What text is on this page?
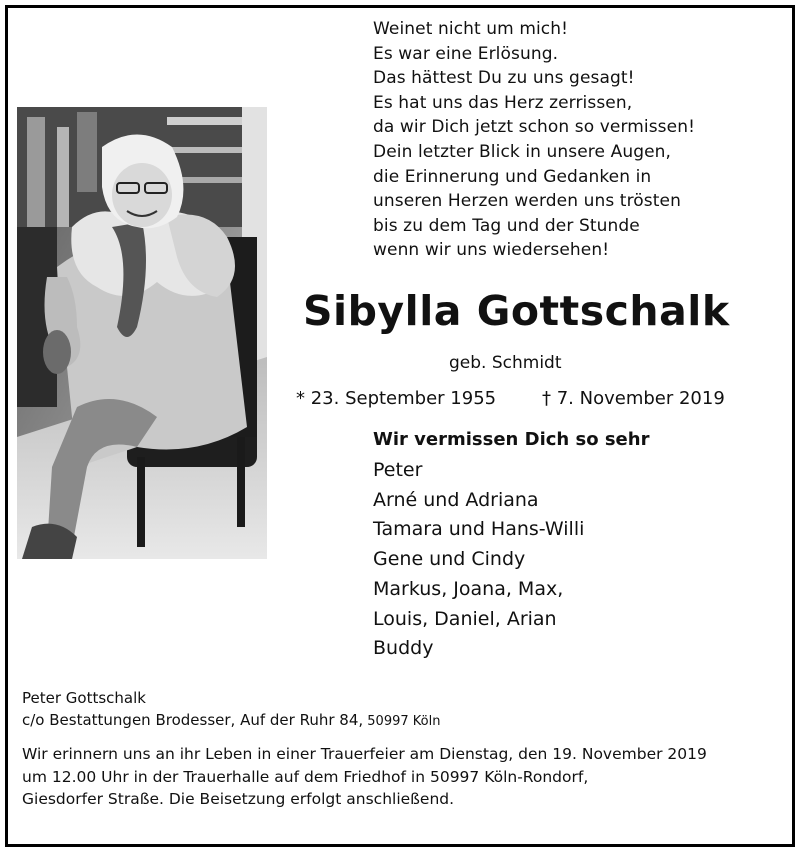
Weinet nicht um mich!
Es war eine Erlösung.
Das hättest Du zu uns gesagt!
Es hat uns das Herz zerrissen,
da wir Dich jetzt schon so vermissen!
Dein letzter Blick in unsere Augen,
die Erinnerung und Gedanken in
unseren Herzen werden uns trösten
bis zu dem Tag und der Stunde
wenn wir uns wiedersehen!
Sibylla Gottschalk
geb. Schmidt
* 23. September 1955	† 7. November 2019
Wir vermissen Dich so sehr
Peter
Arné und Adriana
Tamara und Hans-Willi
Gene und Cindy
Markus, Joana, Max,
Louis, Daniel, Arian
Buddy
Peter Gottschalk
c/o Bestattungen Brodesser, Auf der Ruhr 84, 50997 Köln
Wir erinnern uns an ihr Leben in einer Trauerfeier am Dienstag, den 19. November 2019
um 12.00 Uhr in der Trauerhalle auf dem Friedhof in 50997 Köln-Rondorf,
Giesdorfer Straße. Die Beisetzung erfolgt anschließend.
